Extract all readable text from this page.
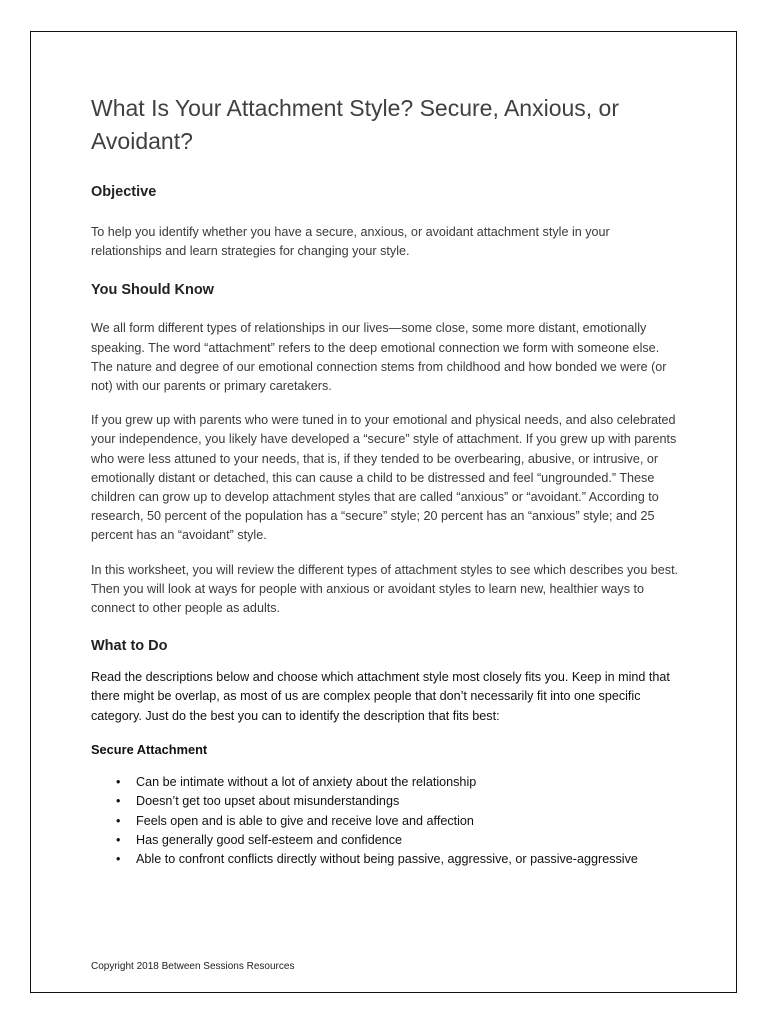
What Is Your Attachment Style? Secure, Anxious, or Avoidant?
Objective

To help you identify whether you have a secure, anxious, or avoidant attachment style in your relationships and learn strategies for changing your style.

You Should Know

We all form different types of relationships in our lives—some close, some more distant, emotionally speaking. The word “attachment” refers to the deep emotional connection we form with someone else. The nature and degree of our emotional connection stems from childhood and how bonded we were (or not) with our parents or primary caretakers.

If you grew up with parents who were tuned in to your emotional and physical needs, and also celebrated your independence, you likely have developed a “secure” style of attachment. If you grew up with parents who were less attuned to your needs, that is, if they tended to be overbearing, abusive, or intrusive, or emotionally distant or detached, this can cause a child to be distressed and feel “ungrounded.” These children can grow up to develop attachment styles that are called “anxious” or “avoidant.” According to research, 50 percent of the population has a “secure” style; 20 percent has an “anxious” style; and 25 percent has an “avoidant” style.

In this worksheet, you will review the different types of attachment styles to see which describes you best. Then you will look at ways for people with anxious or avoidant styles to learn new, healthier ways to connect to other people as adults.

What to Do

Read the descriptions below and choose which attachment style most closely fits you. Keep in mind that there might be overlap, as most of us are complex people that don’t necessarily fit into one specific category. Just do the best you can to identify the description that fits best:

Secure Attachment
• Can be intimate without a lot of anxiety about the relationship
• Doesn’t get too upset about misunderstandings
• Feels open and is able to give and receive love and affection
• Has generally good self-esteem and confidence
• Able to confront conflicts directly without being passive, aggressive, or passive-aggressive
Copyright 2018 Between Sessions Resources
